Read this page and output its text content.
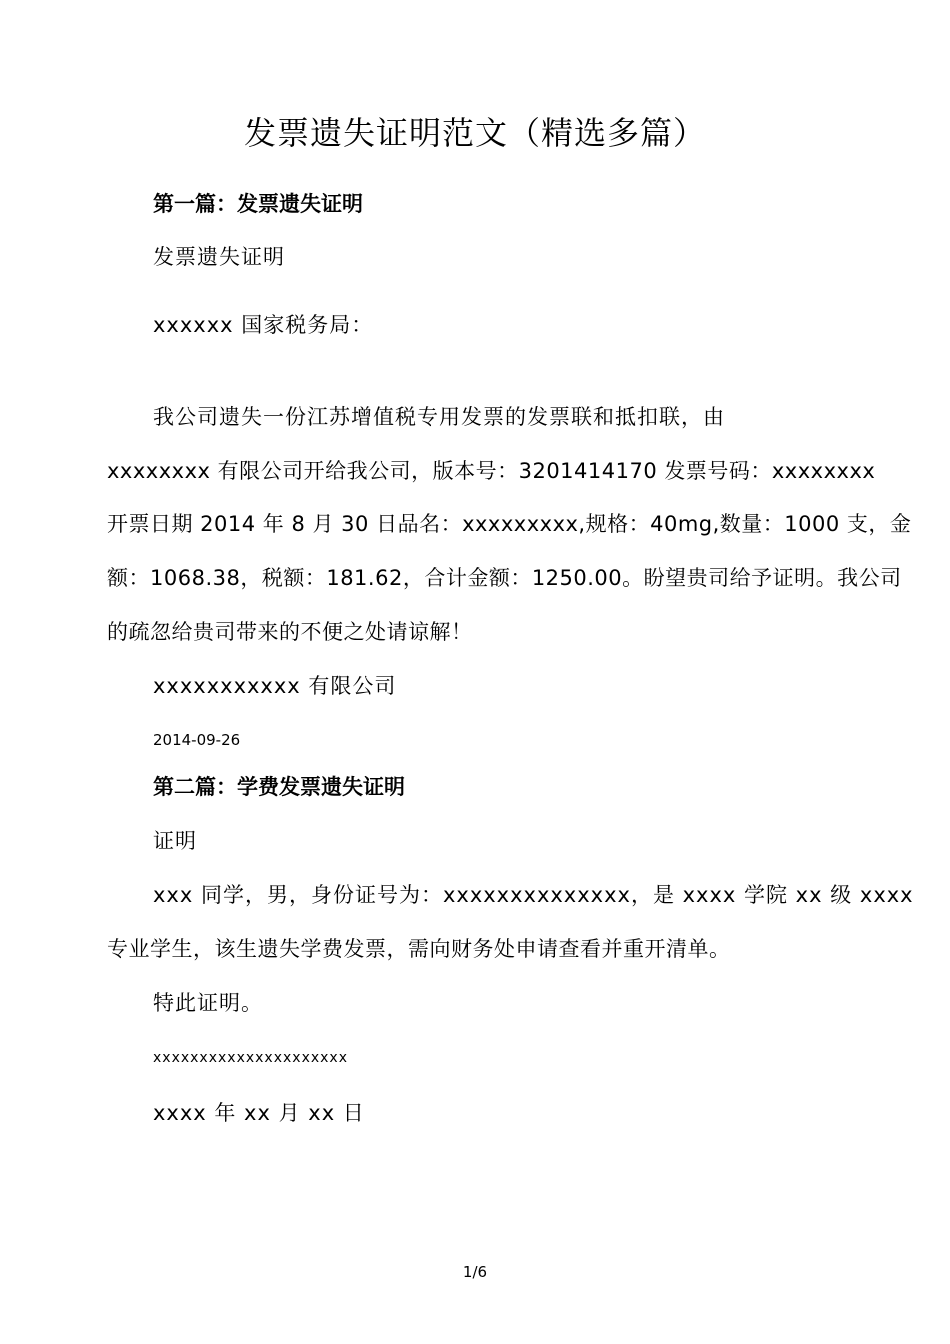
发票遗失证明范文（精选多篇）
第一篇：发票遗失证明
发票遗失证明
xxxxxx 国家税务局：
我公司遗失一份江苏增值税专用发票的发票联和抵扣联，由
xxxxxxxx 有限公司开给我公司，版本号：3201414170 发票号码：xxxxxxxx
开票日期 2014 年 8 月 30 日品名：xxxxxxxxx,规格：40mg,数量：1000 支，金
额：1068.38，税额：181.62，合计金额：1250.00。盼望贵司给予证明。我公司
的疏忽给贵司带来的不便之处请谅解！
xxxxxxxxxxx 有限公司
2014-09-26
第二篇：学费发票遗失证明
证明
xxx 同学，男，身份证号为：xxxxxxxxxxxxxx，是 xxxx 学院 xx 级 xxxx
专业学生，该生遗失学费发票，需向财务处申请查看并重开清单。
特此证明。
xxxxxxxxxxxxxxxxxxxxx
xxxx 年 xx 月 xx 日
1/6
